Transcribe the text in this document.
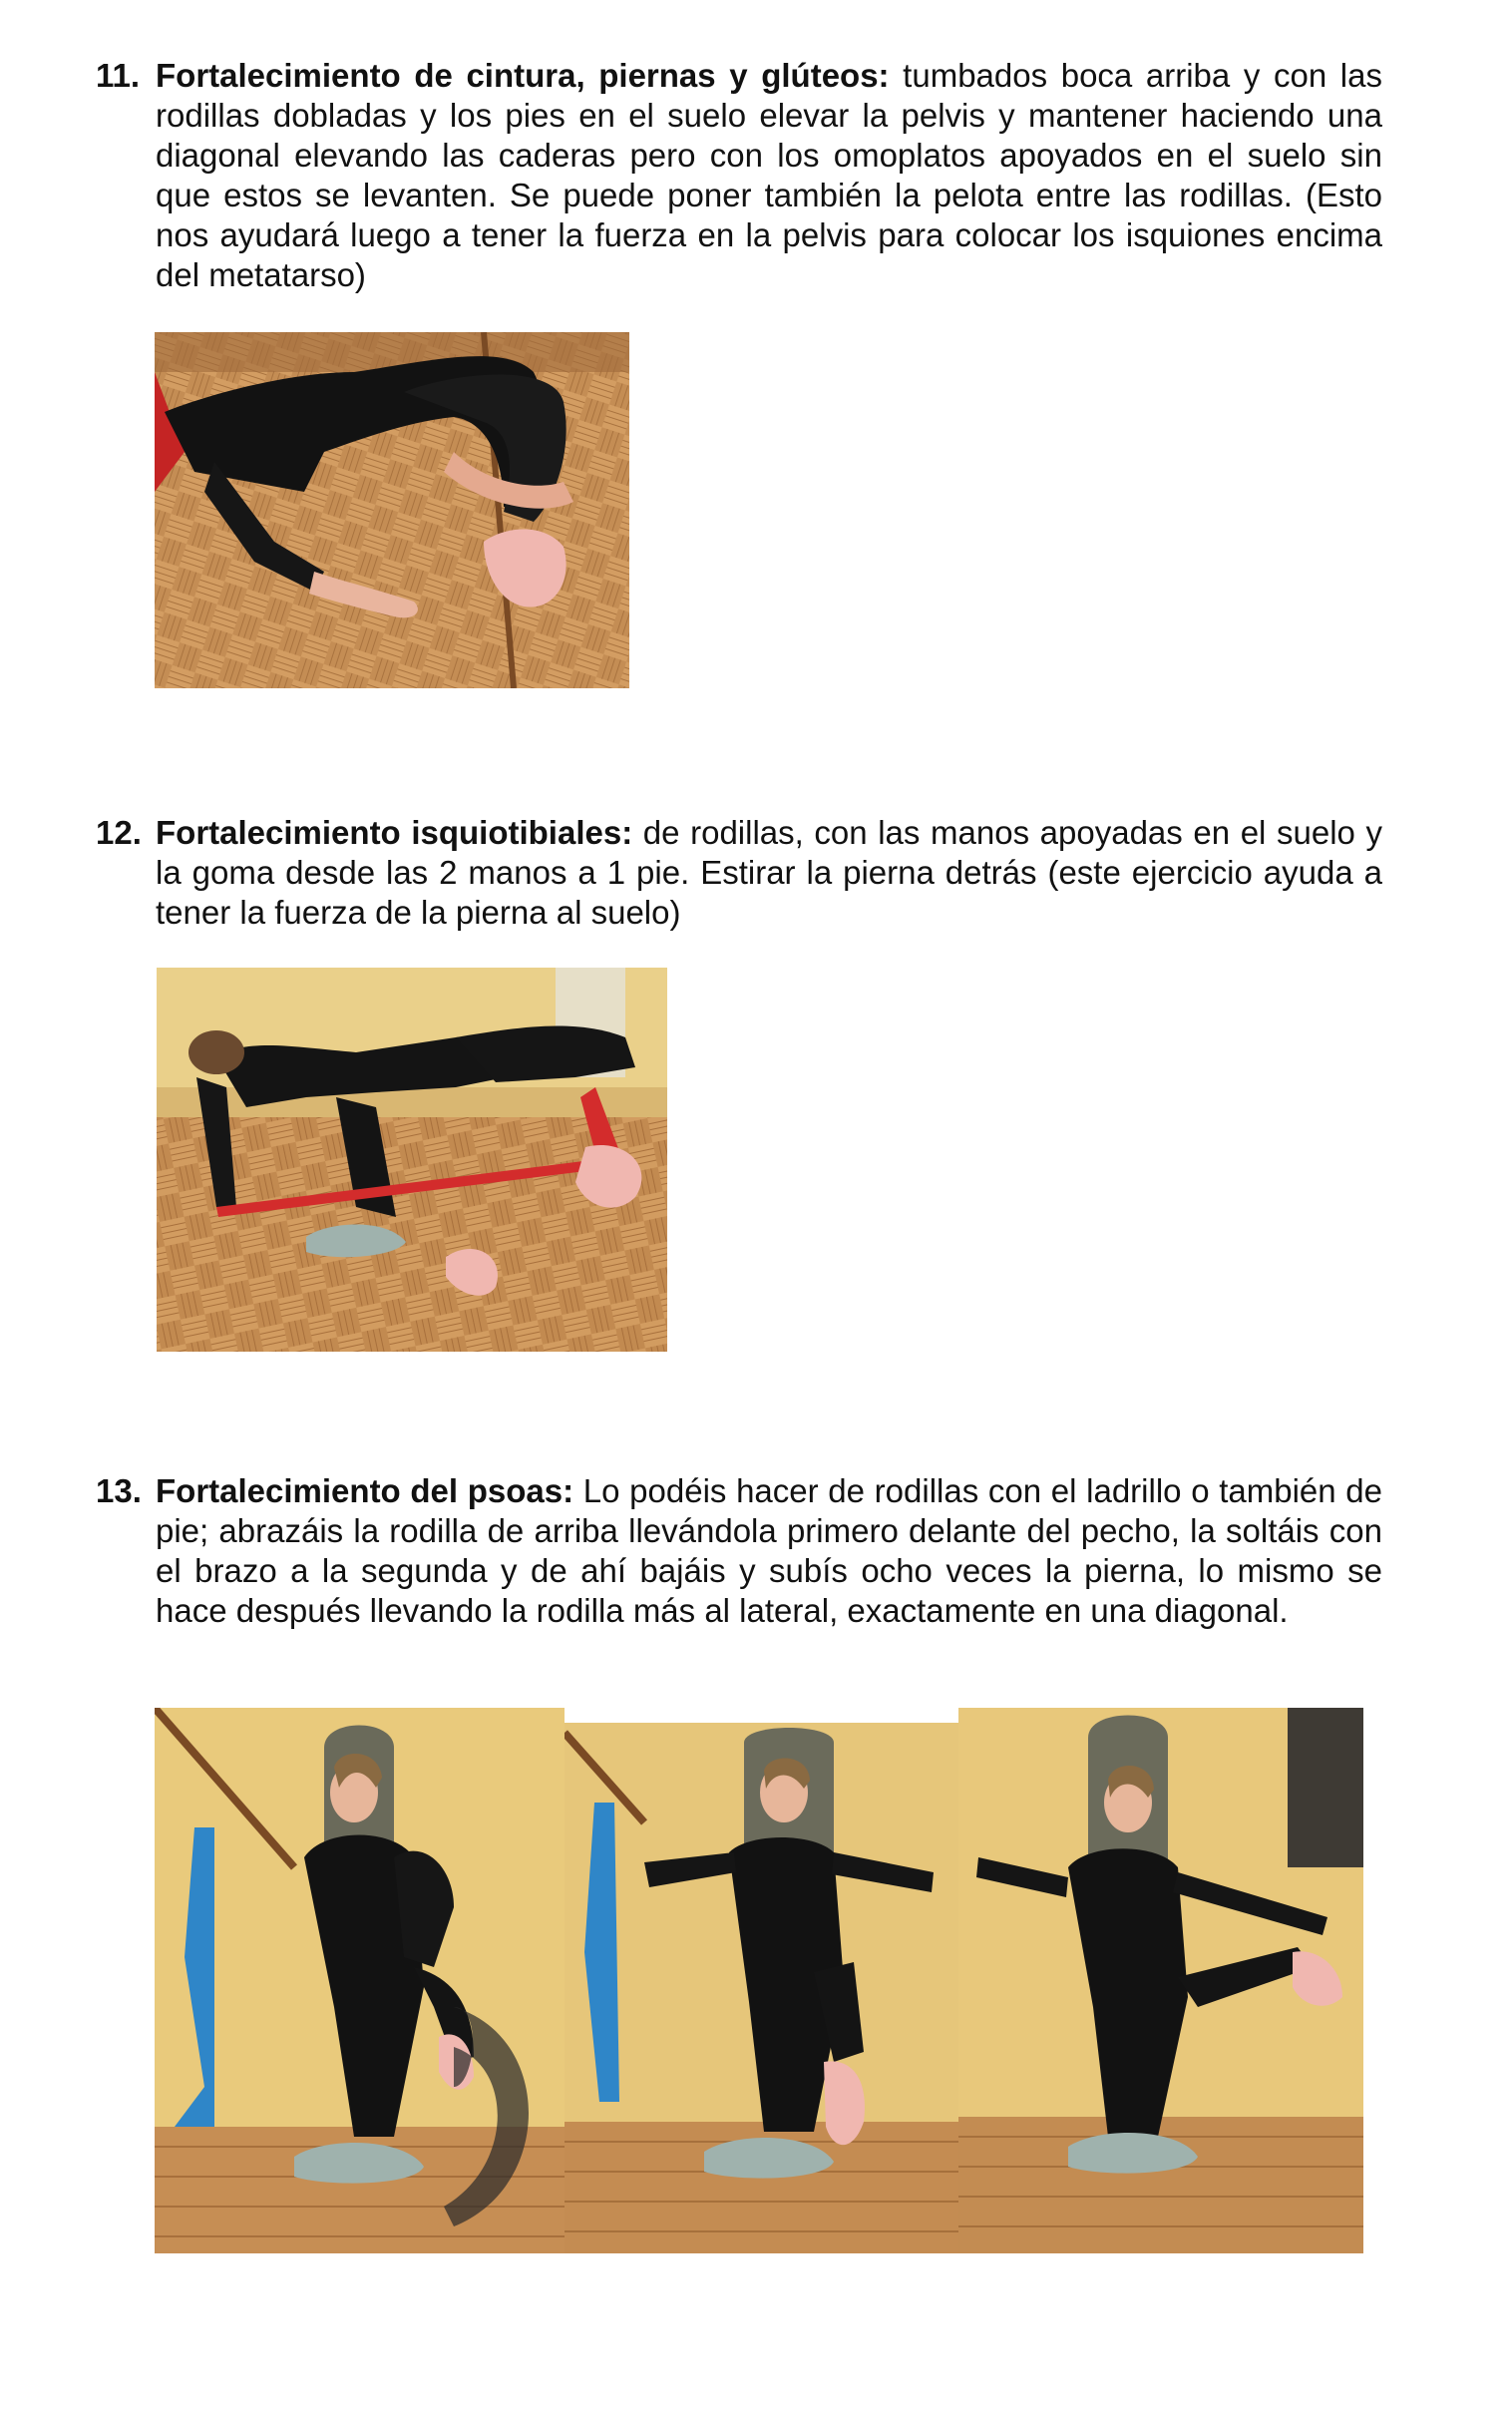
11. Fortalecimiento de cintura, piernas y glúteos: tumbados boca arriba y con las rodillas dobladas y los pies en el suelo elevar la pelvis y mantener haciendo una diagonal elevando las caderas pero con los omoplatos apoyados en el suelo sin que estos se levanten. Se puede poner también la pelota entre las rodillas. (Esto nos ayudará luego a tener la fuerza en la pelvis para colocar los isquiones encima del metatarso)
12. Fortalecimiento isquiotibiales: de rodillas, con las manos apoyadas en el suelo y la goma desde las 2 manos a 1 pie. Estirar la pierna detrás (este ejercicio ayuda a tener la fuerza de la pierna al suelo)
13. Fortalecimiento del psoas: Lo podéis hacer de rodillas con el ladrillo o también de pie; abrazáis la rodilla de arriba llevándola primero delante del pecho, la soltáis con el brazo a la segunda y de ahí bajáis y subís ocho veces la pierna, lo mismo se hace después llevando la rodilla más al lateral, exactamente en una diagonal.
